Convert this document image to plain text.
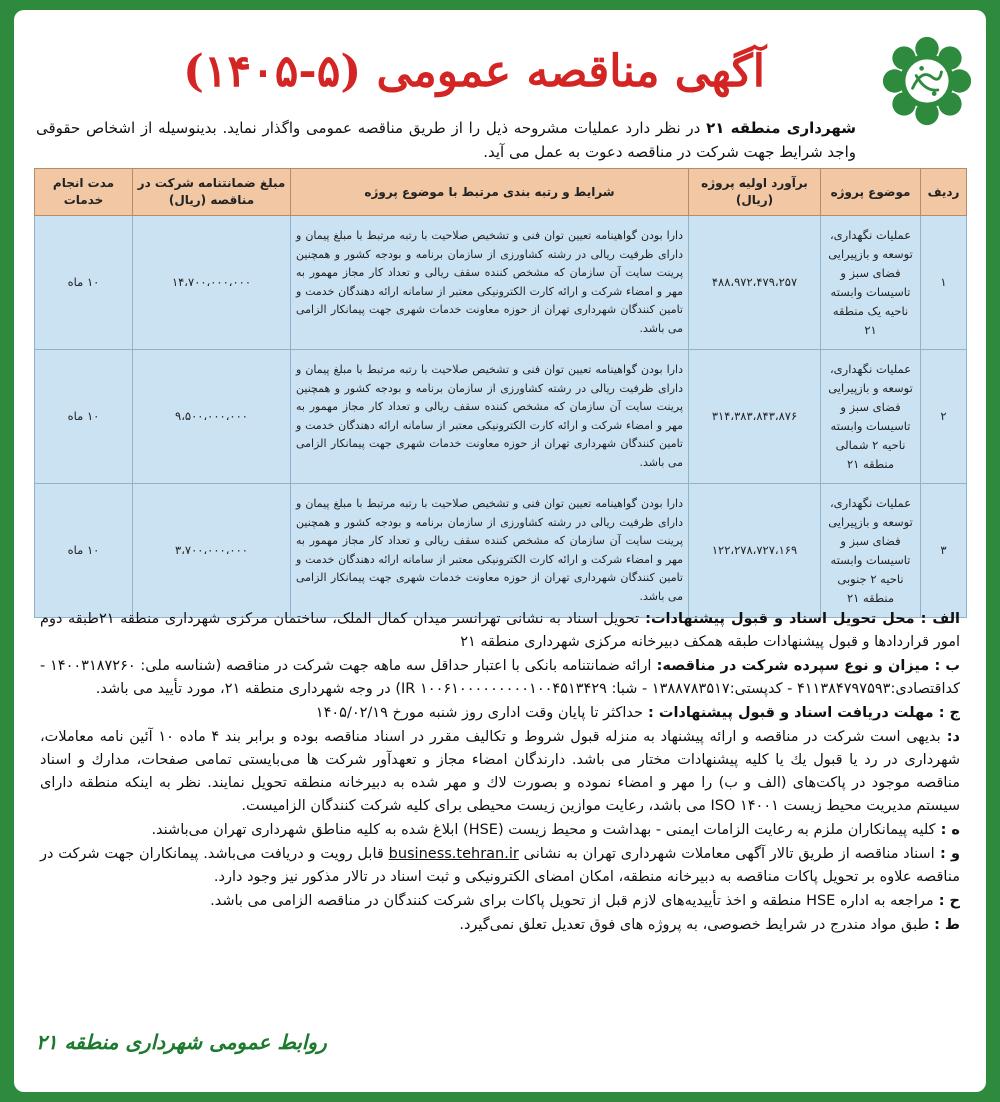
آگهی مناقصه عمومی (۵-۱۴۰۵)
شهرداری منطقه ۲۱ در نظر دارد عملیات مشروحه ذیل را از طریق مناقصه عمومی واگذار نماید. بدینوسیله از اشخاص حقوقی واجد شرایط جهت شرکت در مناقصه دعوت به عمل می آید.
ردیف	موضوع پروژه	برآورد اولیه پروژه (ریال)	شرایط و رتبه بندی مرتبط با موضوع پروژه	مبلغ ضمانتنامه شرکت در مناقصه (ریال)	مدت انجام خدمات
۱	عملیات نگهداری، توسعه و بازپیرایی فضای سبز و تاسیسات وابسته ناحیه یک منطقه ۲۱	۴۸۸،۹۷۲،۴۷۹،۲۵۷	دارا بودن گواهینامه تعیین توان فنی و تشخیص صلاحیت با رتبه مرتبط با مبلغ پیمان و دارای ظرفیت ریالی در رشته کشاورزی از سازمان برنامه و بودجه کشور و همچنین پرینت سایت آن سازمان که مشخص کننده سقف ریالی و تعداد کار مجاز مهمور به مهر و امضاء شرکت و ارائه کارت الکترونیکی معتبر از سامانه ارائه دهندگان خدمت و تامین کنندگان شهرداری تهران از حوزه معاونت خدمات شهری جهت پیمانکار الزامی می باشد.	۱۴،۷۰۰،۰۰۰،۰۰۰	۱۰ ماه
۲	عملیات نگهداری، توسعه و بازپیرایی فضای سبز و تاسیسات وابسته ناحیه ۲ شمالی منطقه ۲۱	۳۱۴،۳۸۳،۸۴۳،۸۷۶	دارا بودن گواهینامه تعیین توان فنی و تشخیص صلاحیت با رتبه مرتبط با مبلغ پیمان و دارای ظرفیت ریالی در رشته کشاورزی از سازمان برنامه و بودجه کشور و همچنین پرینت سایت آن سازمان که مشخص کننده سقف ریالی و تعداد کار مجاز مهمور به مهر و امضاء شرکت و ارائه کارت الکترونیکی معتبر از سامانه ارائه دهندگان خدمت و تامین کنندگان شهرداری تهران از حوزه معاونت خدمات شهری جهت پیمانکار الزامی می باشد.	۹،۵۰۰،۰۰۰،۰۰۰	۱۰ ماه
۳	عملیات نگهداری، توسعه و بازپیرایی فضای سبز و تاسیسات وابسته ناحیه ۲ جنوبی منطقه ۲۱	۱۲۲،۲۷۸،۷۲۷،۱۶۹	دارا بودن گواهینامه تعیین توان فنی و تشخیص صلاحیت با رتبه مرتبط با مبلغ پیمان و دارای ظرفیت ریالی در رشته کشاورزی از سازمان برنامه و بودجه کشور و همچنین پرینت سایت آن سازمان که مشخص کننده سقف ریالی و تعداد کار مجاز مهمور به مهر و امضاء شرکت و ارائه کارت الکترونیکی معتبر از سامانه ارائه دهندگان خدمت و تامین کنندگان شهرداری تهران از حوزه معاونت خدمات شهری جهت پیمانکار الزامی می باشد.	۳،۷۰۰،۰۰۰،۰۰۰	۱۰ ماه

الف : محل تحویل اسناد و قبول پیشنهادات: تحویل اسناد به نشانی تهرانسر میدان کمال الملک، ساختمان مرکزی شهرداری منطقه ۲۱طبقه دوم امور قراردادها و قبول پیشنهادات طبقه همکف دبیرخانه مرکزی شهرداری منطقه ۲۱

ب : میزان و نوع سپرده شرکت در مناقصه: ارائه ضمانتنامه بانکی با اعتبار حداقل سه ماهه جهت شرکت در مناقصه (شناسه ملی: ۱۴۰۰۳۱۸۷۲۶۰ - کداقتصادی:۴۱۱۳۸۴۷۹۷۵۹۳ - کدپستی:۱۳۸۸۷۸۳۵۱۷ - شبا: IR ۱۰۰۶۱۰۰۰۰۰۰۰۰۰۱۰۰۴۵۱۳۴۲۹) در وجه شهرداری منطقه ۲۱، مورد تأیید می باشد.

ج : مهلت دریافت اسناد و قبول پیشنهادات : حداکثر تا پایان وقت اداری روز شنبه مورخ ۱۴۰۵/۰۲/۱۹

د: بدیهی است شرکت در مناقصه و ارائه پیشنهاد به منزله قبول شروط و تکالیف مقرر در اسناد مناقصه بوده و برابر بند ۴ ماده ۱۰ آئین نامه معاملات، شهرداری در رد یا قبول یك یا کلیه پیشنهادات مختار می باشد. دارندگان امضاء مجاز و تعهدآور شرکت ها می‌بایستی تمامی صفحات، مدارك و اسناد مناقصه موجود در پاکت‌های (الف و ب) را مهر و امضاء نموده و بصورت لاك و مهر شده به دبیرخانه منطقه تحویل نمایند. نظر به اینکه منطقه دارای سیستم مدیریت محیط زیست ISO ۱۴۰۰۱ می باشد، رعایت موازین زیست محیطی برای کلیه شرکت کنندگان الزامیست.

ه : کلیه پیمانکاران ملزم به رعایت الزامات ایمنی - بهداشت و محیط زیست (HSE) ابلاغ شده به کلیه مناطق شهرداری تهران می‌باشند.

و : اسناد مناقصه از طریق تالار آگهی معاملات شهرداری تهران به نشانی business.tehran.ir قابل رویت و دریافت می‌باشد. پیمانکاران جهت شرکت در مناقصه علاوه بر تحویل پاکات مناقصه به دبیرخانه منطقه، امکان امضای الکترونیکی و ثبت اسناد در تالار مذکور نیز وجود دارد.

ح : مراجعه به اداره HSE منطقه و اخذ تأییدیه‌های لازم قبل از تحویل پاکات برای شرکت کنندگان در مناقصه الزامی می باشد.

ط : طبق مواد مندرج در شرایط خصوصی، به پروژه های فوق تعدیل تعلق نمی‌گیرد.

روابط عمومی شهرداری منطقه ۲۱
